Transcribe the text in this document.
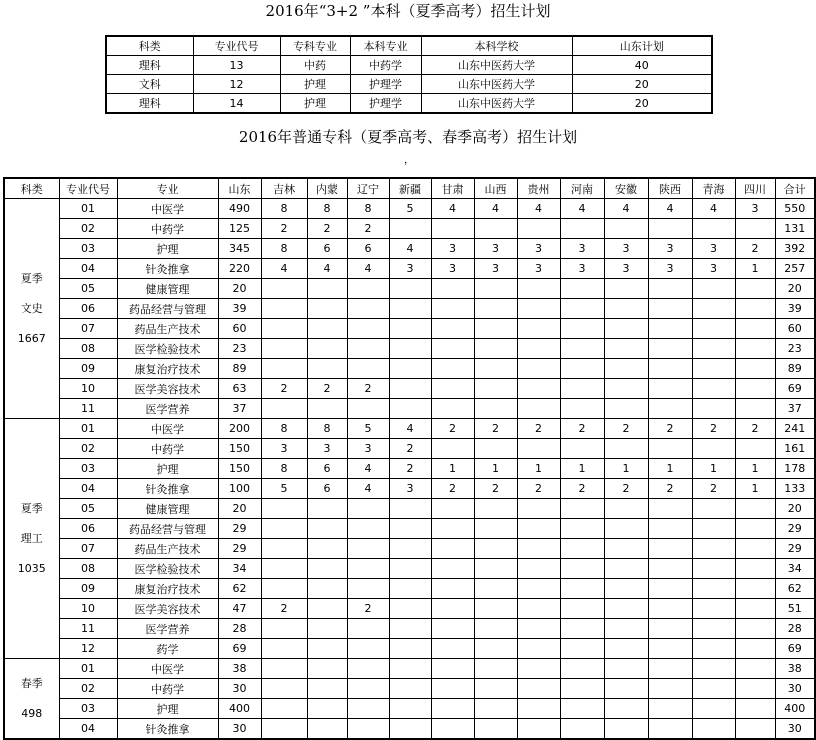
2016年“3+2 ”本科（夏季高考）招生计划
科类	专业代号	专科专业	本科专业	本科学校	山东计划
理科	13	中药	中药学	山东中医药大学	40
文科	12	护理	护理学	山东中医药大学	20
理科	14	护理	护理学	山东中医药大学	20
2016年普通专科（夏季高考、春季高考）招生计划
，
科类	专业代号	专业	山东	吉林	内蒙	辽宁	新疆	甘肃	山西	贵州	河南	安徽	陕西	青海	四川	合计

夏季
文史
1667	01	中医学	490	8	8	8	5	4	4	4	4	4	4	4	3	550
	02	中药学	125	2	2	2										131
	03	护理	345	8	6	6	4	3	3	3	3	3	3	3	2	392
	04	针灸推拿	220	4	4	4	3	3	3	3	3	3	3	3	1	257
	05	健康管理	20													20
	06	药品经营与管理	39													39
	07	药品生产技术	60													60
	08	医学检验技术	23													23
	09	康复治疗技术	89													89
	10	医学美容技术	63	2	2	2										69
	11	医学营养	37													37

夏季
理工
1035	01	中医学	200	8	8	5	4	2	2	2	2	2	2	2	2	241
	02	中药学	150	3	3	3	2									161
	03	护理	150	8	6	4	2	1	1	1	1	1	1	1	1	178
	04	针灸推拿	100	5	6	4	3	2	2	2	2	2	2	2	1	133
	05	健康管理	20													20
	06	药品经营与管理	29													29
	07	药品生产技术	29													29
	08	医学检验技术	34													34
	09	康复治疗技术	62													62
	10	医学美容技术	47	2		2										51
	11	医学营养	28													28
	12	药学	69													69

春季
498	01	中医学	38													38
	02	中药学	30													30
	03	护理	400													400
	04	针灸推拿	30													30
